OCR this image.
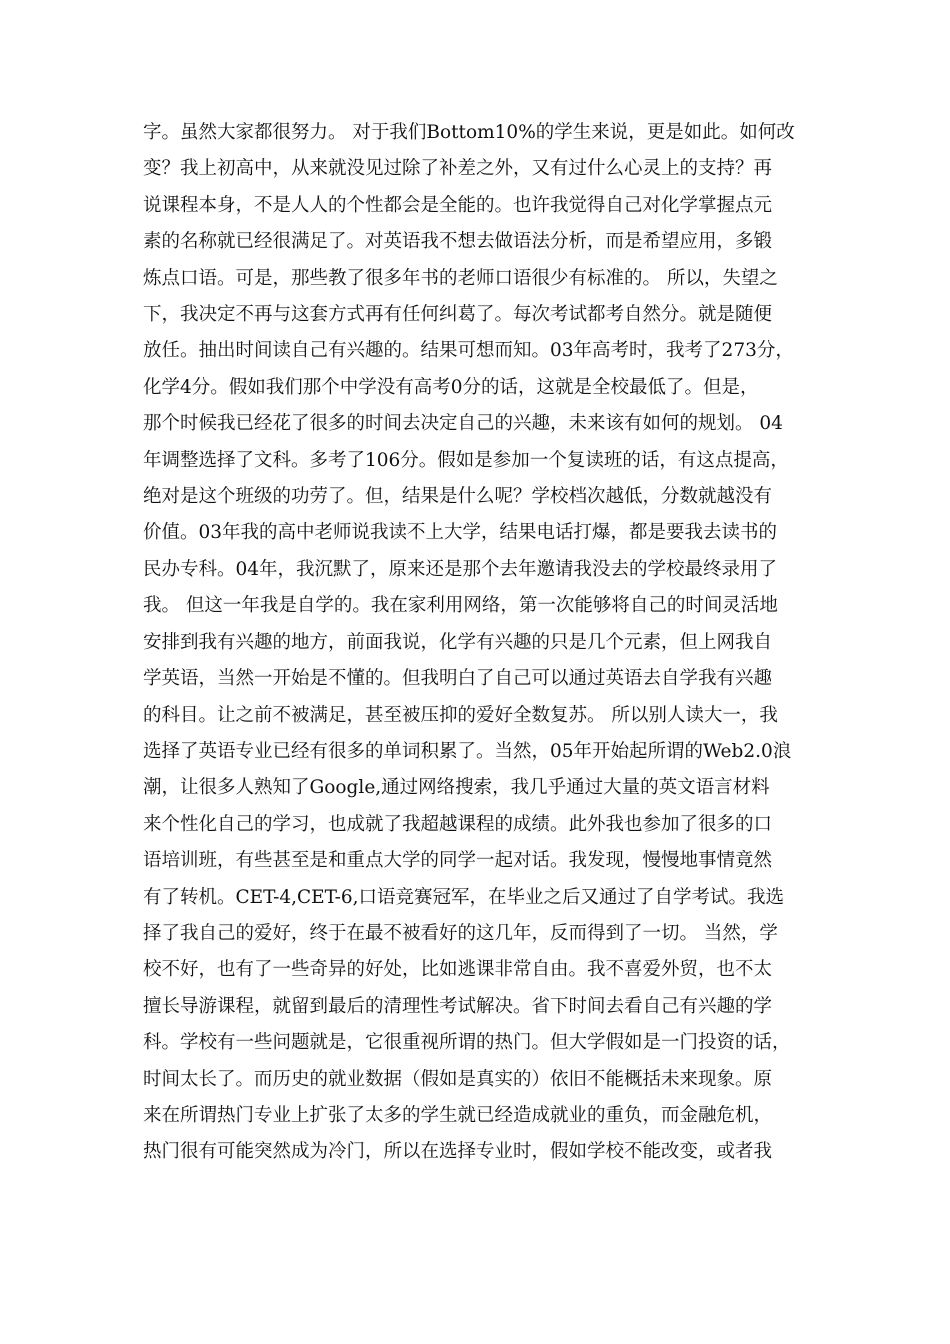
字。虽然大家都很努力。 对于我们Bottom10%的学生来说，更是如此。如何改
变？我上初高中，从来就没见过除了补差之外，又有过什么心灵上的支持？再
说课程本身，不是人人的个性都会是全能的。也许我觉得自己对化学掌握点元
素的名称就已经很满足了。对英语我不想去做语法分析，而是希望应用，多锻
炼点口语。可是，那些教了很多年书的老师口语很少有标准的。 所以，失望之
下，我决定不再与这套方式再有任何纠葛了。每次考试都考自然分。就是随便
放任。抽出时间读自己有兴趣的。结果可想而知。03年高考时，我考了273分，
化学4分。假如我们那个中学没有高考0分的话，这就是全校最低了。但是，
那个时候我已经花了很多的时间去决定自己的兴趣，未来该有如何的规划。 04
年调整选择了文科。多考了106分。假如是参加一个复读班的话，有这点提高，
绝对是这个班级的功劳了。但，结果是什么呢？学校档次越低，分数就越没有
价值。03年我的高中老师说我读不上大学，结果电话打爆，都是要我去读书的
民办专科。04年，我沉默了，原来还是那个去年邀请我没去的学校最终录用了
我。 但这一年我是自学的。我在家利用网络，第一次能够将自己的时间灵活地
安排到我有兴趣的地方，前面我说，化学有兴趣的只是几个元素，但上网我自
学英语，当然一开始是不懂的。但我明白了自己可以通过英语去自学我有兴趣
的科目。让之前不被满足，甚至被压抑的爱好全数复苏。 所以别人读大一，我
选择了英语专业已经有很多的单词积累了。当然，05年开始起所谓的Web2.0浪
潮，让很多人熟知了Google,通过网络搜索，我几乎通过大量的英文语言材料
来个性化自己的学习，也成就了我超越课程的成绩。此外我也参加了很多的口
语培训班，有些甚至是和重点大学的同学一起对话。我发现，慢慢地事情竟然
有了转机。CET-4,CET-6,口语竞赛冠军，在毕业之后又通过了自学考试。我选
择了我自己的爱好，终于在最不被看好的这几年，反而得到了一切。 当然，学
校不好，也有了一些奇异的好处，比如逃课非常自由。我不喜爱外贸，也不太
擅长导游课程，就留到最后的清理性考试解决。省下时间去看自己有兴趣的学
科。学校有一些问题就是，它很重视所谓的热门。但大学假如是一门投资的话，
时间太长了。而历史的就业数据（假如是真实的）依旧不能概括未来现象。原
来在所谓热门专业上扩张了太多的学生就已经造成就业的重负，而金融危机，
热门很有可能突然成为冷门，所以在选择专业时，假如学校不能改变，或者我
